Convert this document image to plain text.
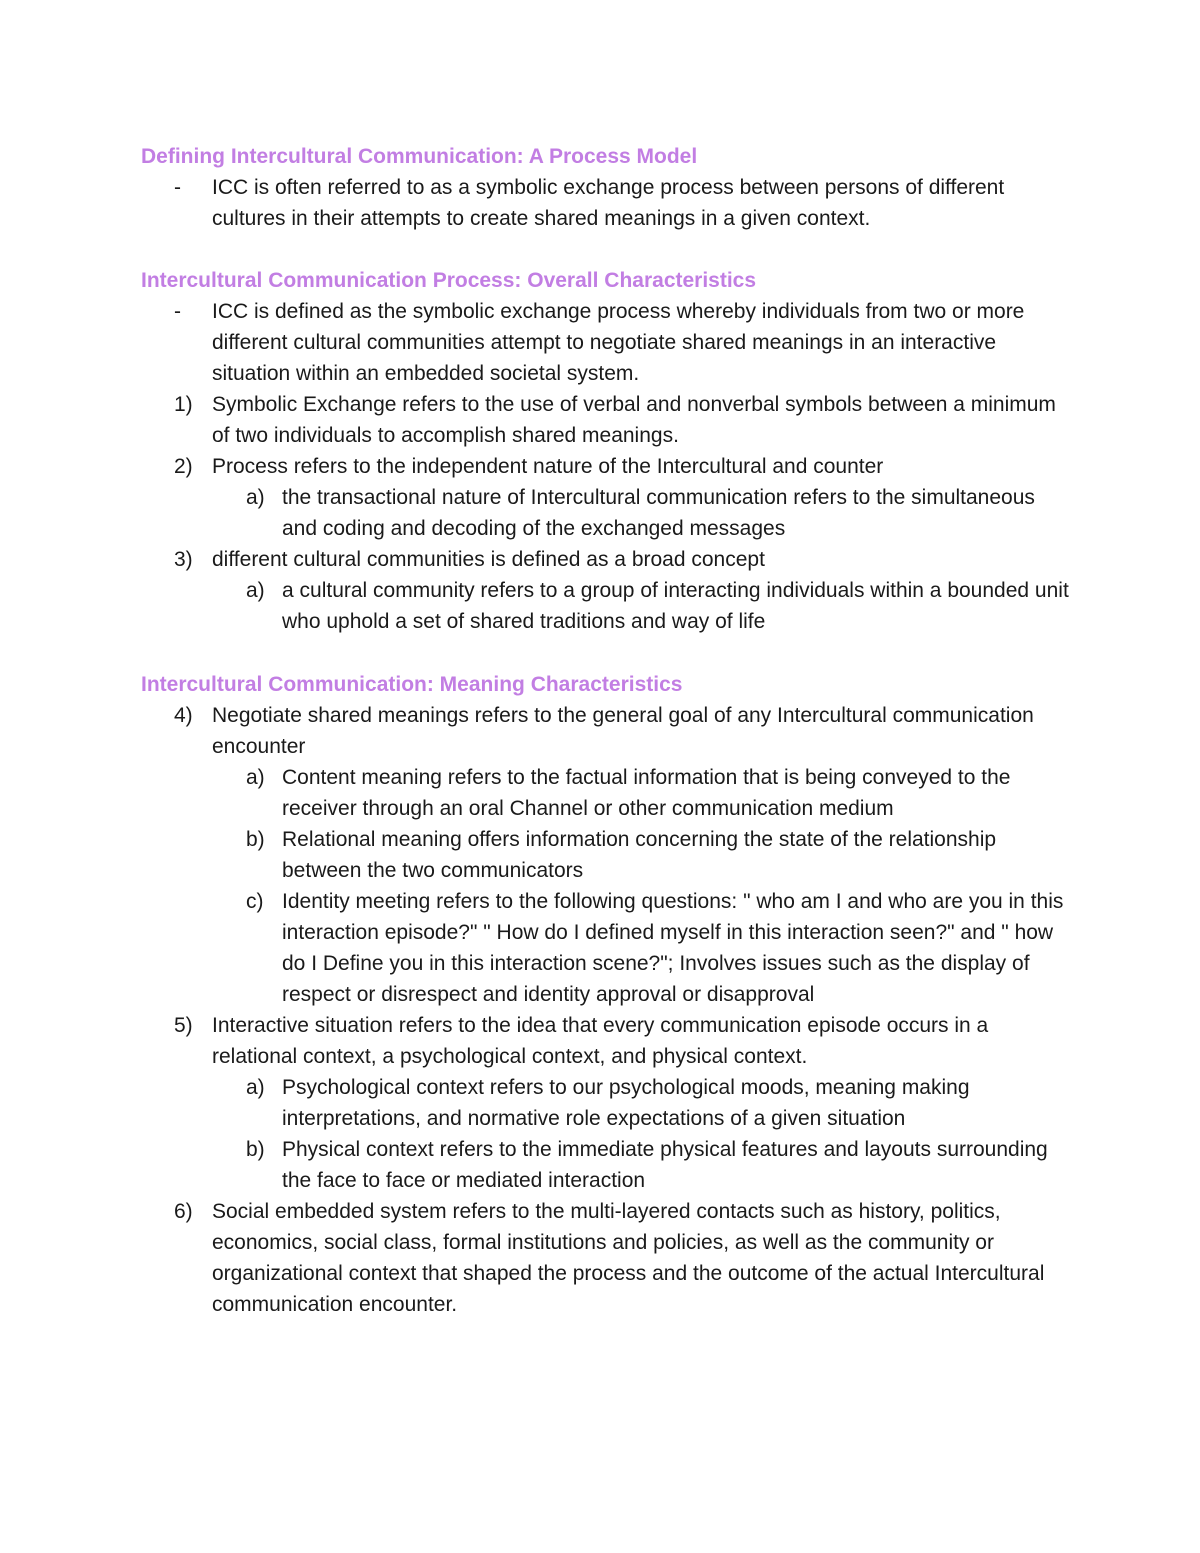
Defining Intercultural Communication: A Process Model
- ICC is often referred to as a symbolic exchange process between persons of different cultures in their attempts to create shared meanings in a given context.
Intercultural Communication Process: Overall Characteristics
- ICC is defined as the symbolic exchange process whereby individuals from two or more different cultural communities attempt to negotiate shared meanings in an interactive situation within an embedded societal system.
1) Symbolic Exchange refers to the use of verbal and nonverbal symbols between a minimum of two individuals to accomplish shared meanings.
2) Process refers to the independent nature of the Intercultural and counter
a) the transactional nature of Intercultural communication refers to the simultaneous and coding and decoding of the exchanged messages
3) different cultural communities is defined as a broad concept
a) a cultural community refers to a group of interacting individuals within a bounded unit who uphold a set of shared traditions and way of life
Intercultural Communication: Meaning Characteristics
4) Negotiate shared meanings refers to the general goal of any Intercultural communication encounter
a) Content meaning refers to the factual information that is being conveyed to the receiver through an oral Channel or other communication medium
b) Relational meaning offers information concerning the state of the relationship between the two communicators
c) Identity meeting refers to the following questions: " who am I and who are you in this interaction episode?" " How do I defined myself in this interaction seen?" and " how do I Define you in this interaction scene?"; Involves issues such as the display of respect or disrespect and identity approval or disapproval
5) Interactive situation refers to the idea that every communication episode occurs in a relational context, a psychological context, and physical context.
a) Psychological context refers to our psychological moods, meaning making interpretations, and normative role expectations of a given situation
b) Physical context refers to the immediate physical features and layouts surrounding the face to face or mediated interaction
6) Social embedded system refers to the multi-layered contacts such as history, politics, economics, social class, formal institutions and policies, as well as the community or organizational context that shaped the process and the outcome of the actual Intercultural communication encounter.
